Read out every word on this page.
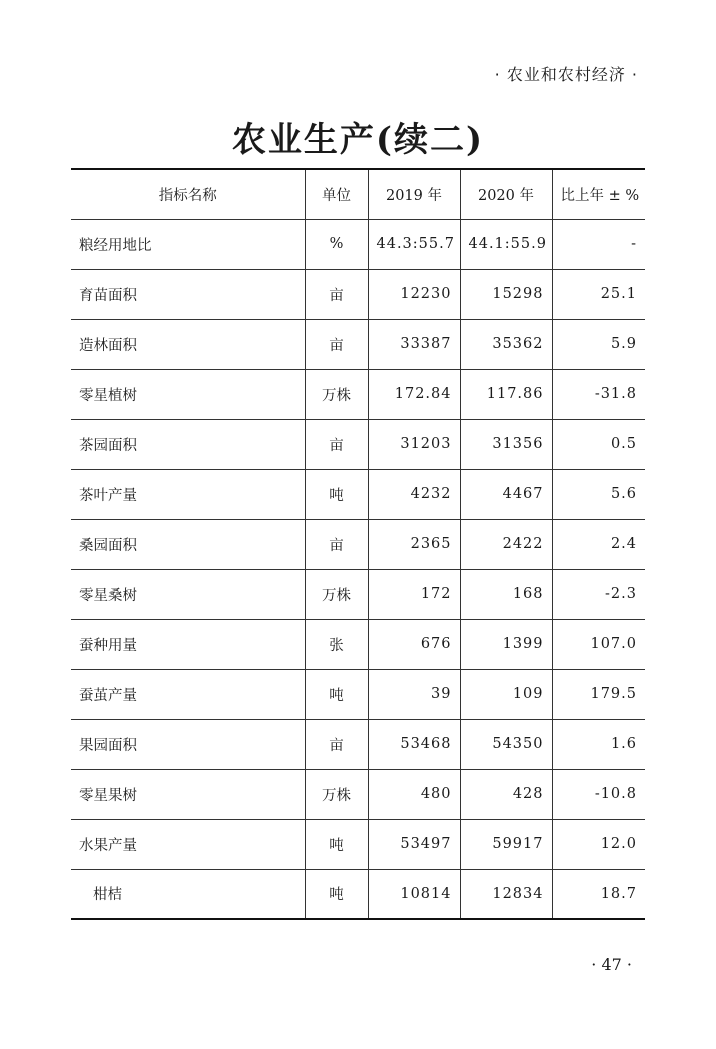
· 农业和农村经济 ·
农业生产(续二)
指标名称	单位	2019 年	2020 年	比上年 ± %
粮经用地比	%	44.3:55.7	44.1:55.9	-
育苗面积	亩	12230	15298	25.1
造林面积	亩	33387	35362	5.9
零星植树	万株	172.84	117.86	-31.8
茶园面积	亩	31203	31356	0.5
茶叶产量	吨	4232	4467	5.6
桑园面积	亩	2365	2422	2.4
零星桑树	万株	172	168	-2.3
蚕种用量	张	676	1399	107.0
蚕茧产量	吨	39	109	179.5
果园面积	亩	53468	54350	1.6
零星果树	万株	480	428	-10.8
水果产量	吨	53497	59917	12.0
柑桔	吨	10814	12834	18.7
· 47 ·
